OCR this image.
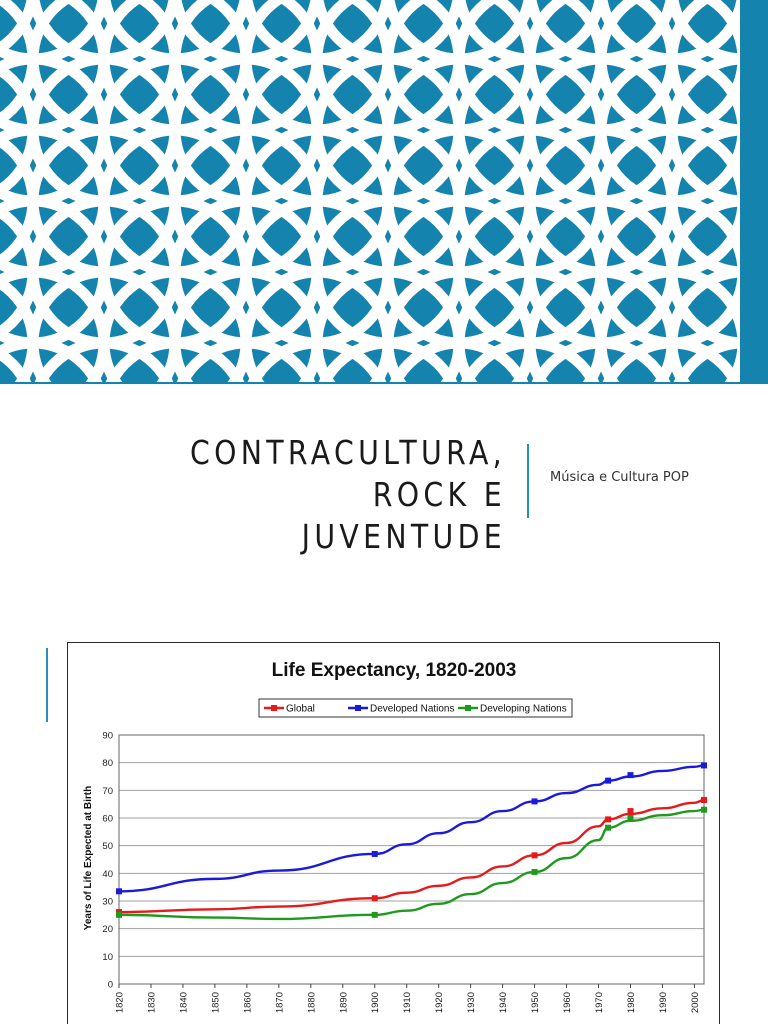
CONTRACULTURA, ROCK E
JUVENTUDE
Música e Cultura POP
Life Expectancy, 1820-2003
Global	Developed Nations	Developing Nations
Years of Life Expected at Birth
0
10
20
30
40
50
60
70
80
90
1820 1830 1840 1850 1860 1870 1880 1890 1900 1910 1920 1930 1940 1950 1960 1970 1980 1990 2000
